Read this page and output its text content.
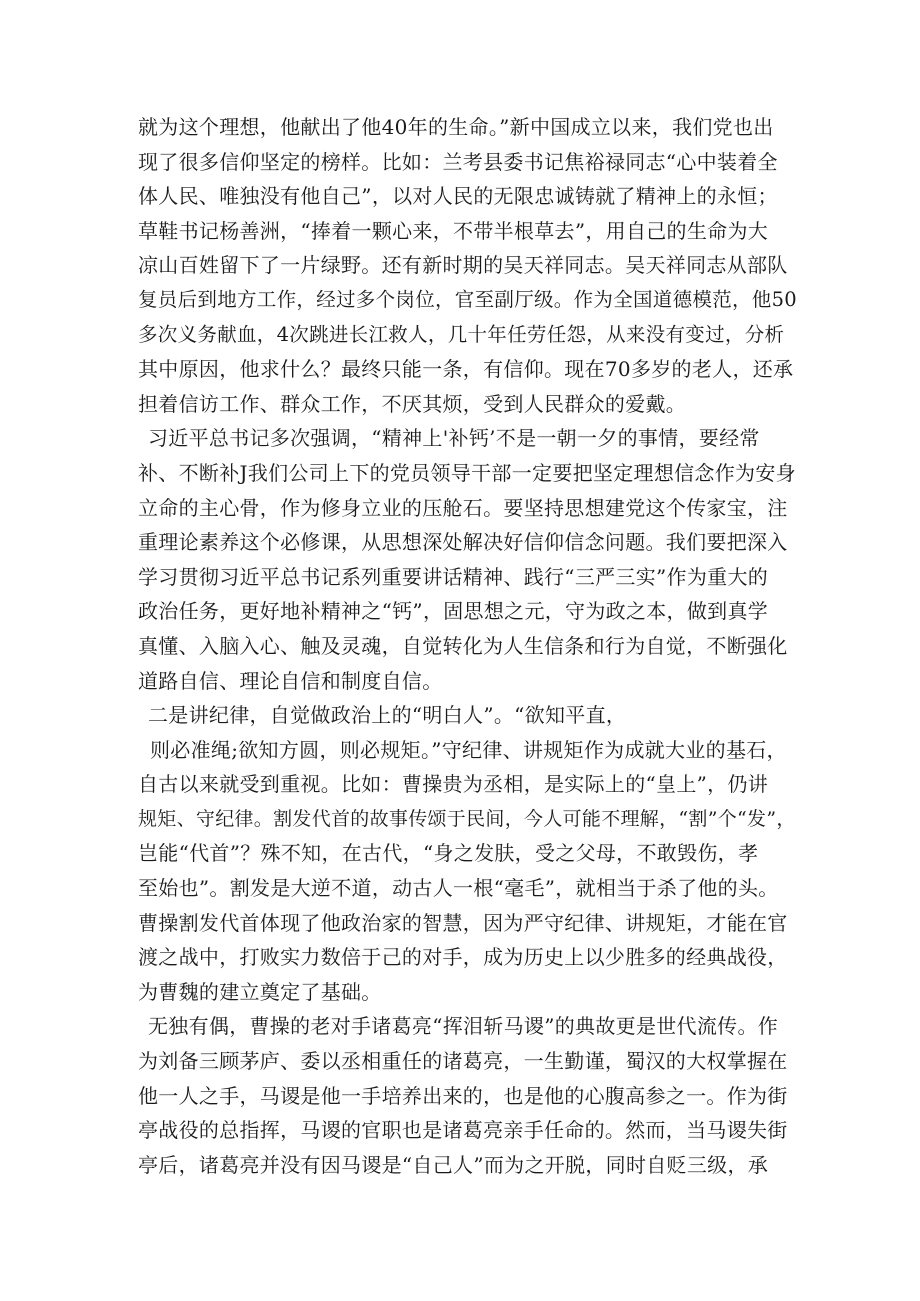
就为这个理想，他献出了他40年的生命。”新中国成立以来，我们党也出
现了很多信仰坚定的榜样。比如：兰考县委书记焦裕禄同志“心中装着全
体人民、唯独没有他自己”，以对人民的无限忠诚铸就了精神上的永恒；
草鞋书记杨善洲，“捧着一颗心来，不带半根草去”，用自己的生命为大
凉山百姓留下了一片绿野。还有新时期的吴天祥同志。吴天祥同志从部队
复员后到地方工作，经过多个岗位，官至副厅级。作为全国道德模范，他50
多次义务献血，4次跳进长江救人，几十年任劳任怨，从来没有变过，分析
其中原因，他求什么？最终只能一条，有信仰。现在70多岁的老人，还承
担着信访工作、群众工作，不厌其烦，受到人民群众的爱戴。
习近平总书记多次强调，“精神上'补钙’不是一朝一夕的事情，要经常
补、不断补J我们公司上下的党员领导干部一定要把坚定理想信念作为安身
立命的主心骨，作为修身立业的压舱石。要坚持思想建党这个传家宝，注
重理论素养这个必修课，从思想深处解决好信仰信念问题。我们要把深入
学习贯彻习近平总书记系列重要讲话精神、践行“三严三实”作为重大的
政治任务，更好地补精神之“钙”，固思想之元，守为政之本，做到真学
真懂、入脑入心、触及灵魂，自觉转化为人生信条和行为自觉，不断强化
道路自信、理论自信和制度自信。
二是讲纪律，自觉做政治上的“明白人”。“欲知平直，
则必准绳;欲知方圆，则必规矩。”守纪律、讲规矩作为成就大业的基石，
自古以来就受到重视。比如：曹操贵为丞相，是实际上的“皇上”，仍讲
规矩、守纪律。割发代首的故事传颂于民间，今人可能不理解，“割”个“发”，
岂能“代首”？殊不知，在古代，“身之发肤，受之父母，不敢毁伤，孝
至始也”。割发是大逆不道，动古人一根“毫毛”，就相当于杀了他的头。
曹操割发代首体现了他政治家的智慧，因为严守纪律、讲规矩，才能在官
渡之战中，打败实力数倍于己的对手，成为历史上以少胜多的经典战役，
为曹魏的建立奠定了基础。
无独有偶，曹操的老对手诸葛亮“挥泪斩马谡”的典故更是世代流传。作
为刘备三顾茅庐、委以丞相重任的诸葛亮，一生勤谨，蜀汉的大权掌握在
他一人之手，马谡是他一手培养出来的，也是他的心腹高参之一。作为街
亭战役的总指挥，马谡的官职也是诸葛亮亲手任命的。然而，当马谡失街
亭后，诸葛亮并没有因马谡是“自己人”而为之开脱，同时自贬三级，承
